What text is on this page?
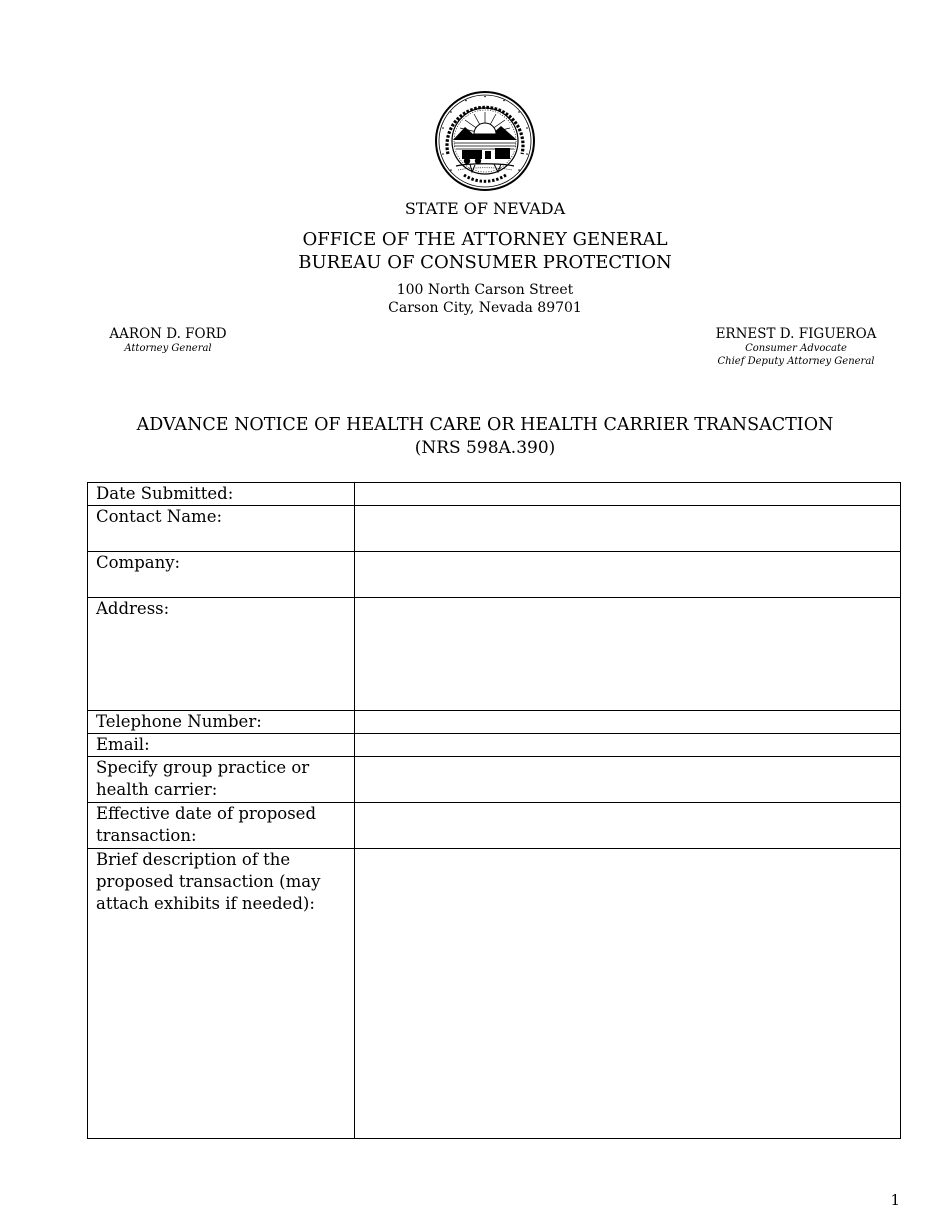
STATE OF NEVADA
OFFICE OF THE ATTORNEY GENERAL
BUREAU OF CONSUMER PROTECTION
100 North Carson Street
Carson City, Nevada 89701
AARON D. FORD
Attorney General
ERNEST D. FIGUEROA
Consumer Advocate
Chief Deputy Attorney General
ADVANCE NOTICE OF HEALTH CARE OR HEALTH CARRIER TRANSACTION
(NRS 598A.390)
Date Submitted:	
Contact Name:	
Company:	
Address:	
Telephone Number:	
Email:	
Specify group practice or health carrier:	
Effective date of proposed transaction:	
Brief description of the proposed transaction (may attach exhibits if needed):	
1
